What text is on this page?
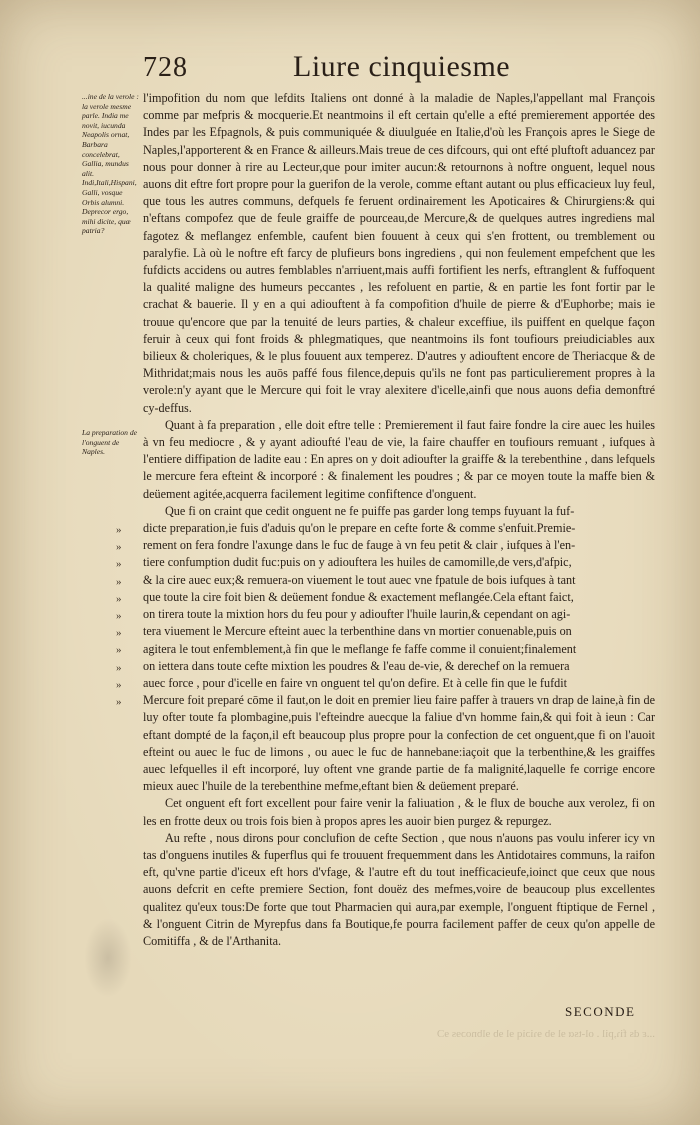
728	Liure cinquiesme
...ine de la verole : la verole mesme parle. India me novit, iucunda Neapolis ornat, Barbara concelebrat, Gallia, mundus alit. Indi,Itali,Hispani, Galli, vosque Orbis alumni. Deprecor ergo, mihi dicite, quæ patria?
La preparation de l'onguent de Naples.
»
»
»
»
»
»
»
»
»
»
»

l'impofition du nom que lefdits Italiens ont donné à la maladie de Naples,l'appellant mal François comme par mefpris & mocquerie.Et neantmoins il eft certain qu'elle a efté premierement apportée des Indes par les Efpagnols, & puis communiquée & diuulguée en Italie,d'où les François apres le Siege de Naples,l'apporterent & en France & ailleurs.Mais treue de ces difcours, qui ont efté pluftoft aduancez par nous pour donner à rire au Lecteur,que pour imiter aucun:& retournons à noftre onguent, lequel nous auons dit eftre fort propre pour la guerifon de la verole, comme eftant autant ou plus efficacieux luy feul, que tous les autres communs, defquels fe feruent ordinairement les Apoticaires & Chirurgiens:& qui n'eftans compofez que de feule graiffe de pourceau,de Mercure,& de quelques autres ingrediens mal fagotez & meflangez enfemble, caufent bien fouuent à ceux qui s'en frottent, ou tremblement ou paralyfie. Là où le noftre eft farcy de plufieurs bons ingrediens , qui non feulement empefchent que les fufdicts accidens ou autres femblables n'arriuent,mais auffi fortifient les nerfs, eftranglent & fuffoquent la qualité maligne des humeurs peccantes , les refoluent en partie, & en partie les font fortir par le crachat & bauerie. Il y en a qui adiouftent à fa compofition d'huile de pierre & d'Euphorbe; mais ie trouue qu'encore que par la tenuité de leurs parties, & chaleur exceffiue, ils puiffent en quelque façon feruir à ceux qui font froids & phlegmatiques, que neantmoins ils font toufiours preiudiciables aux bilieux & choleriques, & le plus fouuent aux temperez. D'autres y adiouftent encore de Theriacque & de Mithridat;mais nous les auōs paffé fous filence,depuis qu'ils ne font pas particulierement propres à la verole:n'y ayant que le Mercure qui foit le vray alexitere d'icelle,ainfi que nous auons defia demonftré cy-deffus.

Quant à fa preparation , elle doit eftre telle : Premierement il faut faire fondre la cire auec les huiles à vn feu mediocre , & y ayant adioufté l'eau de vie, la faire chauffer en toufiours remuant , iufques à l'entiere diffipation de ladite eau : En apres on y doit adioufter la graiffe & la terebenthine , dans lefquels le mercure fera efteint & incorporé : & finalement les poudres ; & par ce moyen toute la maffe bien & deüement agitée,acquerra facilement legitime confiftence d'onguent.

Que fi on craint que cedit onguent ne fe puiffe pas garder long temps fuyuant la fuf-
dicte preparation,ie fuis d'aduis qu'on le prepare en cefte forte & comme s'enfuit.Premie-
rement on fera fondre l'axunge dans le fuc de fauge à vn feu petit & clair , iufques à l'en-
tiere confumption dudit fuc:puis on y adiouftera les huiles de camomille,de vers,d'afpic,
& la cire auec eux;& remuera-on viuement le tout auec vne fpatule de bois iufques à tant
que toute la cire foit bien & deüement fondue & exactement meflangée.Cela eftant faict,
on tirera toute la mixtion hors du feu pour y adioufter l'huile laurin,& cependant on agi-
tera viuement le Mercure efteint auec la terbenthine dans vn mortier conuenable,puis on
agitera le tout enfemblement,à fin que le meflange fe faffe comme il conuient;finalement
on iettera dans toute cefte mixtion les poudres & l'eau de-vie, & derechef on la remuera
auec force , pour d'icelle en faire vn onguent tel qu'on defire. Et à celle fin que le fufdit

Mercure foit preparé cōme il faut,on le doit en premier lieu faire paffer à trauers vn drap de laine,à fin de luy ofter toute fa plombagine,puis l'efteindre auecque la faliue d'vn homme fain,& qui foit à ieun : Car eftant dompté de la façon,il eft beaucoup plus propre pour la confection de cet onguent,que fi on l'auoit efteint ou auec le fuc de limons , ou auec le fuc de hannebane:iaçoit que la terbenthine,& les graiffes auec lefquelles il eft incorporé, luy oftent vne grande partie de fa malignité,laquelle fe corrige encore mieux auec l'huile de la terebenthine mefme,eftant bien & deüement preparé.

Cet onguent eft fort excellent pour faire venir la faliuation , & le flux de bouche aux verolez, fi on les en frotte deux ou trois fois bien à propos apres les auoir bien purgez & repurgez.

Au refte , nous dirons pour conclufion de cefte Section , que nous n'auons pas voulu inferer icy vn tas d'onguens inutiles & fuperflus qui fe trouuent frequemment dans les Antidotaires communs, la raifon eft, qu'vne partie d'iceux eft hors d'vfage, & l'autre eft du tout inefficacieufe,ioinct que ceux que nous auons defcrit en cefte premiere Section, font douëz des mefmes,voire de beaucoup plus excellentes qualitez qu'eux tous:De forte que tout Pharmacien qui aura,par exemple, l'onguent ftiptique de Fernel , & l'onguent Citrin de Myrepfus dans fa Boutique,fe pourra facilement paffer de ceux qu'on appelle de Comitiffa , & de l'Arthanita.

SECONDE
...ε ds fiɿ,pil . ol-tsα ɘl ɘb ɘɿiɔiq ɘl ɘb ɘlbnoɔɘs ɘϽ
